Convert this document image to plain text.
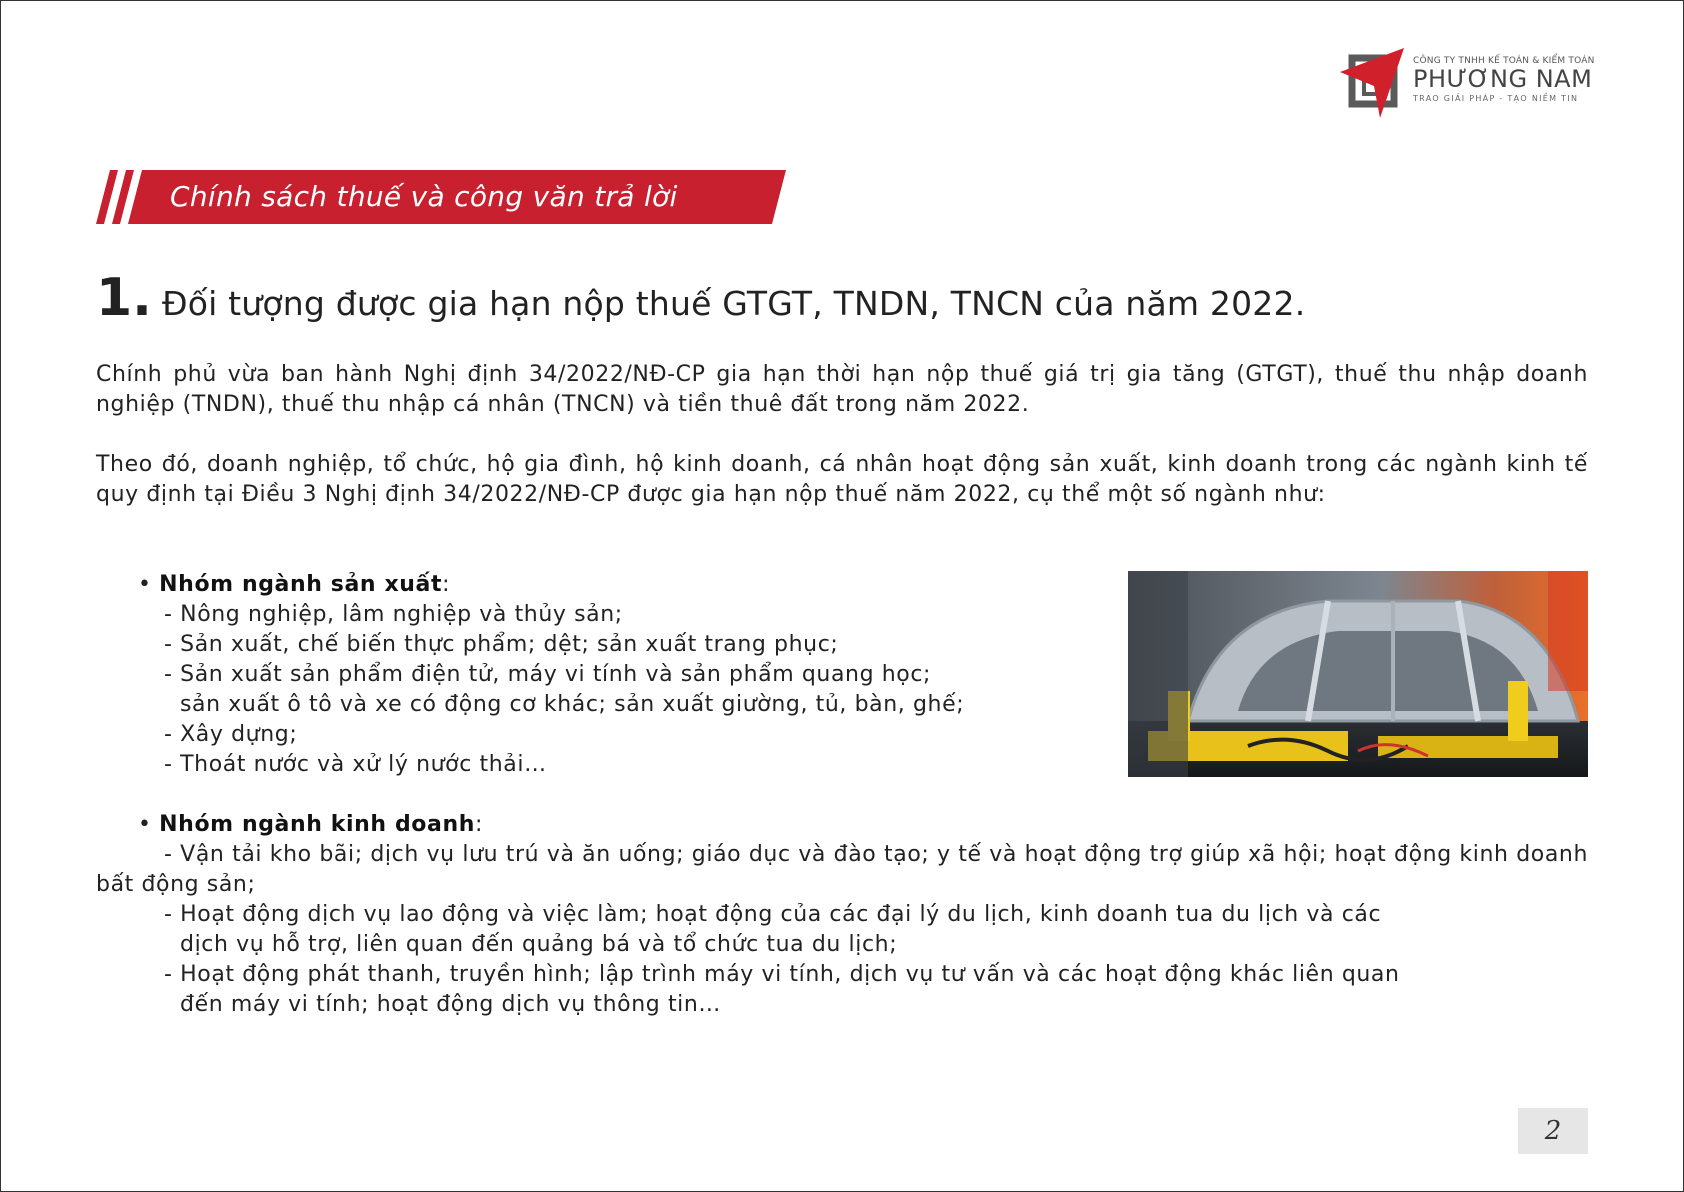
CÔNG TY TNHH KẾ TOÁN & KIỂM TOÁN
PHƯƠNG NAM
TRAO GIẢI PHÁP - TẠO NIỀM TIN
Chính sách thuế và công văn trả lời
1. Đối tượng được gia hạn nộp thuế GTGT, TNDN, TNCN của năm 2022.
Chính phủ vừa ban hành Nghị định 34/2022/NĐ-CP gia hạn thời hạn nộp thuế giá trị gia tăng (GTGT), thuế thu nhập doanh nghiệp (TNDN), thuế thu nhập cá nhân (TNCN) và tiền thuê đất trong năm 2022.
Theo đó, doanh nghiệp, tổ chức, hộ gia đình, hộ kinh doanh, cá nhân hoạt động sản xuất, kinh doanh trong các ngành kinh tế quy định tại Điều 3 Nghị định 34/2022/NĐ-CP được gia hạn nộp thuế năm 2022, cụ thể một số ngành như:
• Nhóm ngành sản xuất:
- Nông nghiệp, lâm nghiệp và thủy sản;
- Sản xuất, chế biến thực phẩm; dệt; sản xuất trang phục;
- Sản xuất sản phẩm điện tử, máy vi tính và sản phẩm quang học;
sản xuất ô tô và xe có động cơ khác; sản xuất giường, tủ, bàn, ghế;
- Xây dựng;
- Thoát nước và xử lý nước thải…
• Nhóm ngành kinh doanh:
- Vận tải kho bãi; dịch vụ lưu trú và ăn uống; giáo dục và đào tạo; y tế và hoạt động trợ giúp xã hội; hoạt động kinh doanh bất động sản;
- Hoạt động dịch vụ lao động và việc làm; hoạt động của các đại lý du lịch, kinh doanh tua du lịch và các
dịch vụ hỗ trợ, liên quan đến quảng bá và tổ chức tua du lịch;
- Hoạt động phát thanh, truyền hình; lập trình máy vi tính, dịch vụ tư vấn và các hoạt động khác liên quan
đến máy vi tính; hoạt động dịch vụ thông tin…
2
